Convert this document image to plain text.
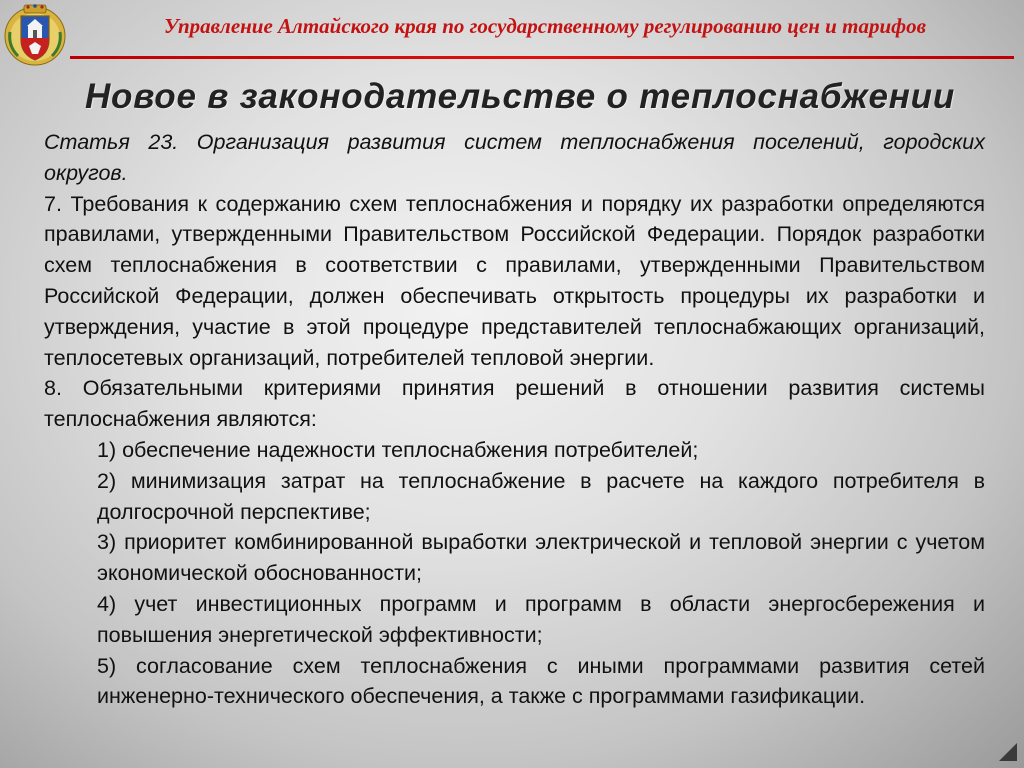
Управление Алтайского края по государственному регулированию цен и тарифов
Новое в законодательстве о теплоснабжении

Статья 23. Организация развития систем теплоснабжения поселений, городских округов.

7. Требования к содержанию схем теплоснабжения и порядку их разработки определяются правилами, утвержденными Правительством Российской Федерации. Порядок разработки схем теплоснабжения в соответствии с правилами, утвержденными Правительством Российской Федерации, должен обеспечивать открытость процедуры их разработки и утверждения, участие в этой процедуре представителей теплоснабжающих организаций, теплосетевых организаций, потребителей тепловой энергии.

8. Обязательными критериями принятия решений в отношении развития системы теплоснабжения являются:

1) обеспечение надежности теплоснабжения потребителей;

2) минимизация затрат на теплоснабжение в расчете на каждого потребителя в долгосрочной перспективе;

3) приоритет комбинированной выработки электрической и тепловой энергии с учетом экономической обоснованности;

4) учет инвестиционных программ и программ в области энергосбережения и повышения энергетической эффективности;

5) согласование схем теплоснабжения с иными программами развития сетей инженерно-технического обеспечения, а также с программами газификации.
